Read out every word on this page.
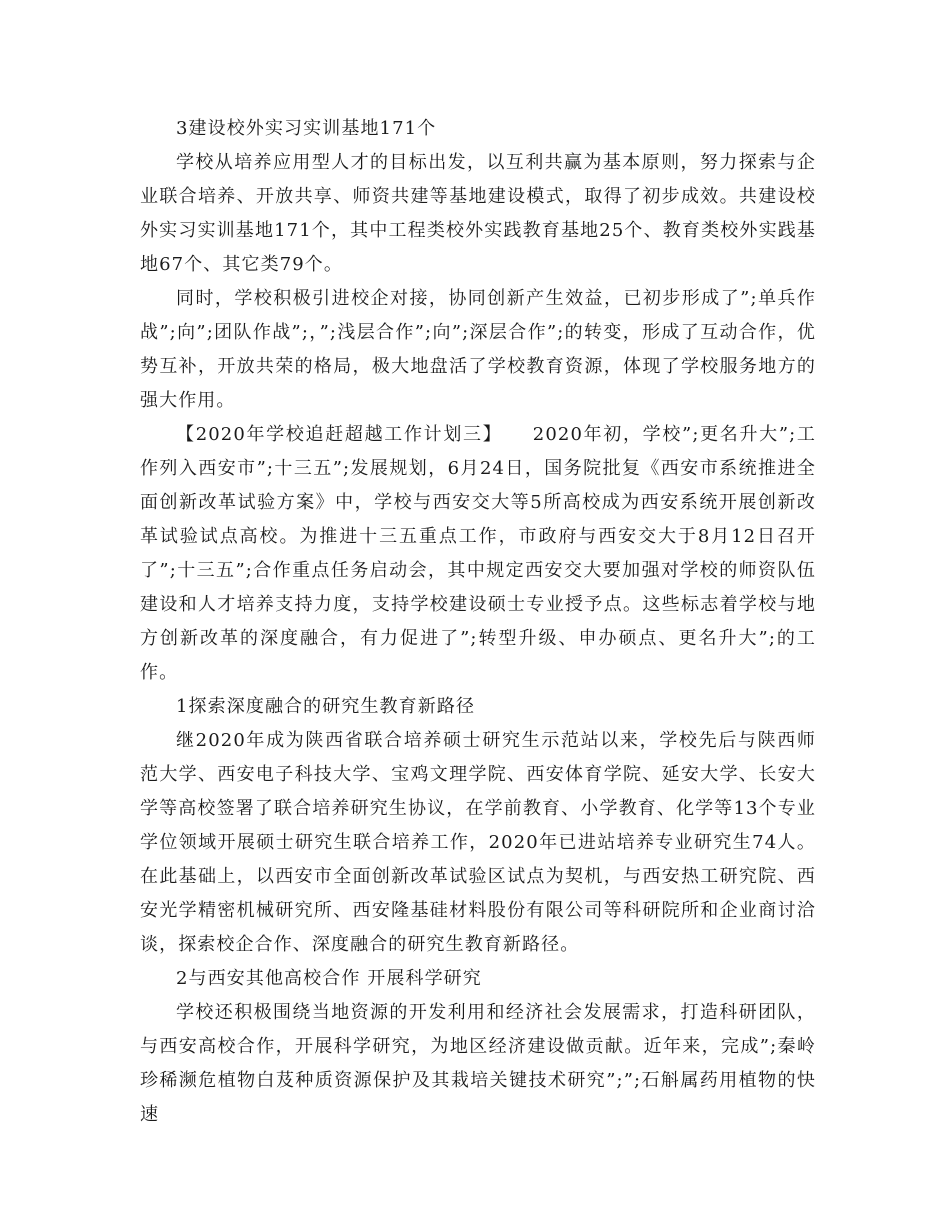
3建设校外实习实训基地171个

学校从培养应用型人才的目标出发，以互利共赢为基本原则，努力探索与企业联合培养、开放共享、师资共建等基地建设模式，取得了初步成效。共建设校外实习实训基地171个，其中工程类校外实践教育基地25个、教育类校外实践基地67个、其它类79个。

同时，学校积极引进校企对接，协同创新产生效益，已初步形成了”;单兵作战”;向”;团队作战”;，”;浅层合作”;向”;深层合作”;的转变，形成了互动合作，优势互补，开放共荣的格局，极大地盘活了学校教育资源，体现了学校服务地方的强大作用。

【2020年学校追赶超越工作计划三】　　2020年初，学校”;更名升大”;工作列入西安市”;十三五”;发展规划，6月24日，国务院批复《西安市系统推进全面创新改革试验方案》中，学校与西安交大等5所高校成为西安系统开展创新改革试验试点高校。为推进十三五重点工作，市政府与西安交大于8月12日召开了”;十三五”;合作重点任务启动会，其中规定西安交大要加强对学校的师资队伍建设和人才培养支持力度，支持学校建设硕士专业授予点。这些标志着学校与地方创新改革的深度融合，有力促进了”;转型升级、申办硕点、更名升大”;的工作。

1探索深度融合的研究生教育新路径

继2020年成为陕西省联合培养硕士研究生示范站以来，学校先后与陕西师范大学、西安电子科技大学、宝鸡文理学院、西安体育学院、延安大学、长安大学等高校签署了联合培养研究生协议，在学前教育、小学教育、化学等13个专业学位领域开展硕士研究生联合培养工作，2020年已进站培养专业研究生74人。在此基础上，以西安市全面创新改革试验区试点为契机，与西安热工研究院、西安光学精密机械研究所、西安隆基硅材料股份有限公司等科研院所和企业商讨洽谈，探索校企合作、深度融合的研究生教育新路径。

2与西安其他高校合作 开展科学研究

学校还积极围绕当地资源的开发利用和经济社会发展需求，打造科研团队，与西安高校合作，开展科学研究，为地区经济建设做贡献。近年来，完成”;秦岭珍稀濒危植物白芨种质资源保护及其栽培关键技术研究”;”;石斛属药用植物的快速
